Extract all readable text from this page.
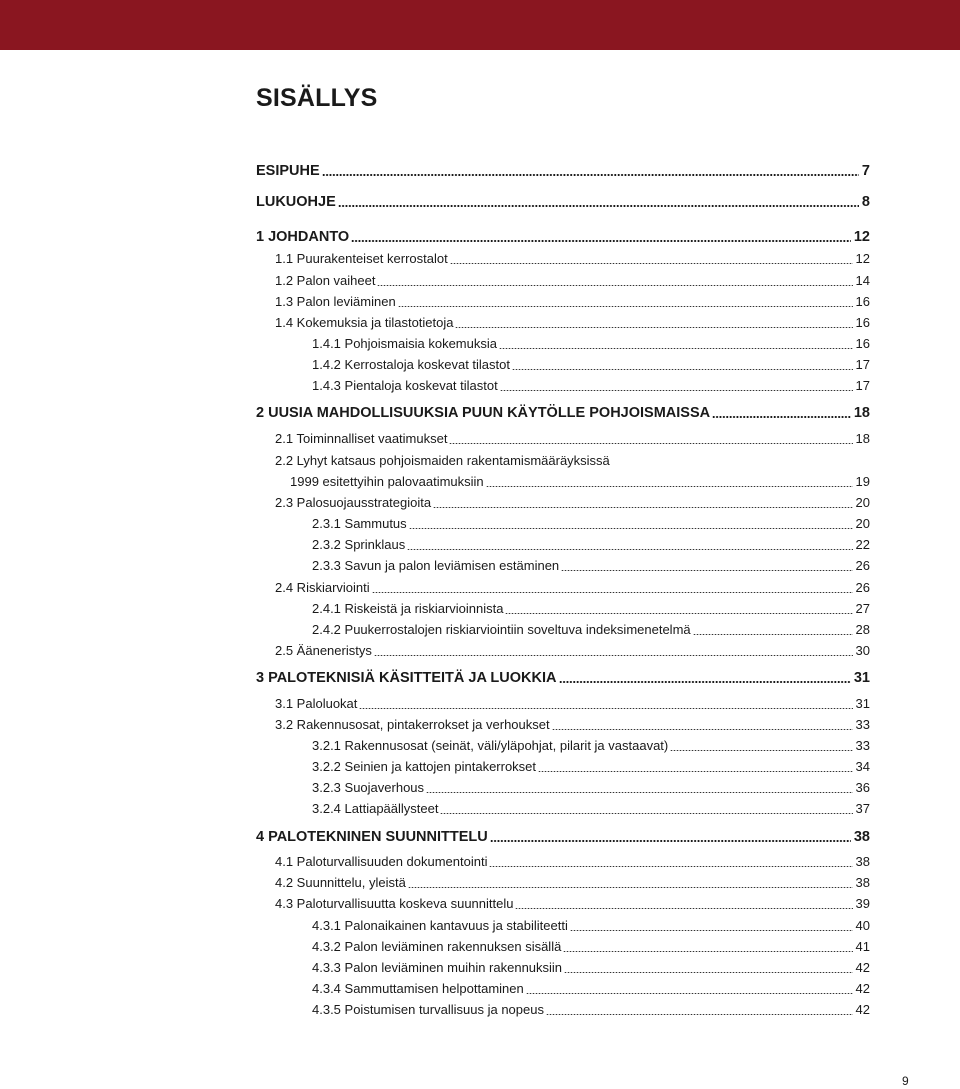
SISÄLLYS
ESIPUHE	7
LUKUOHJE	8
1 JOHDANTO	12
1.1 Puurakenteiset kerrostalot	12
1.2 Palon vaiheet	14
1.3 Palon leviäminen	16
1.4 Kokemuksia ja tilastotietoja	16
1.4.1 Pohjoismaisia kokemuksia	16
1.4.2 Kerrostaloja koskevat tilastot	17
1.4.3 Pientaloja koskevat tilastot	17
2 UUSIA MAHDOLLISUUKSIA PUUN KÄYTÖLLE POHJOISMAISSA	18
2.1 Toiminnalliset vaatimukset	18
2.2 Lyhyt katsaus pohjoismaiden rakentamismääräyksissä
1999 esitettyihin palovaatimuksiin	19
2.3 Palosuojausstrategioita	20
2.3.1 Sammutus	20
2.3.2 Sprinklaus	22
2.3.3 Savun ja palon leviämisen estäminen	26
2.4 Riskiarviointi	26
2.4.1 Riskeistä ja riskiarvioinnista	27
2.4.2 Puukerrostalojen riskiarviointiin soveltuva indeksimenetelmä	28
2.5 Ääneneristys	30
3 PALOTEKNISIÄ KÄSITTEITÄ JA LUOKKIA	31
3.1 Paloluokat	31
3.2 Rakennusosat, pintakerrokset ja verhoukset	33
3.2.1 Rakennusosat (seinät, väli/yläpohjat, pilarit ja vastaavat)	33
3.2.2 Seinien ja kattojen pintakerrokset	34
3.2.3 Suojaverhous	36
3.2.4 Lattiapäällysteet	37
4 PALOTEKNINEN SUUNNITTELU	38
4.1 Paloturvallisuuden dokumentointi	38
4.2 Suunnittelu, yleistä	38
4.3 Paloturvallisuutta koskeva suunnittelu	39
4.3.1 Palonaikainen kantavuus ja stabiliteetti	40
4.3.2 Palon leviäminen rakennuksen sisällä	41
4.3.3 Palon leviäminen muihin rakennuksiin	42
4.3.4 Sammuttamisen helpottaminen	42
4.3.5 Poistumisen turvallisuus ja nopeus	42
9
